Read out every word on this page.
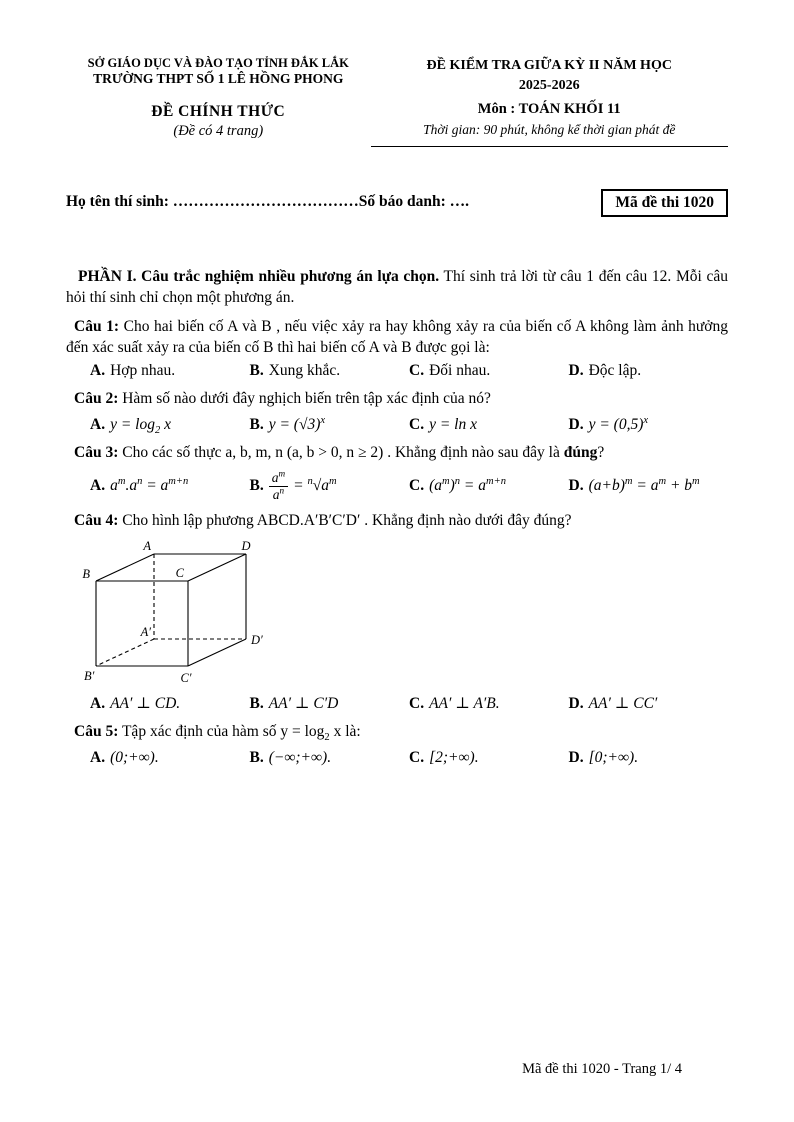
SỞ GIÁO DỤC VÀ ĐÀO TẠO TỈNH ĐẮK LẮK
TRƯỜNG THPT SỐ 1 LÊ HỒNG PHONG
ĐỀ CHÍNH THỨC
(Đề có 4 trang)
ĐỀ KIỂM TRA GIỮA KỲ II NĂM HỌC
2025-2026
Môn : TOÁN KHỐI 11
Thời gian: 90 phút, không kể thời gian phát đề
Họ tên thí sinh: ………………………………Số báo danh: ….	Mã đề thi 1020
PHẦN I. Câu trắc nghiệm nhiều phương án lựa chọn. Thí sinh trả lời từ câu 1 đến câu 12. Mỗi câu hỏi thí sinh chỉ chọn một phương án.
Câu 1: Cho hai biến cố A và B , nếu việc xảy ra hay không xảy ra của biến cố A không làm ảnh hưởng đến xác suất xảy ra của biến cố B thì hai biến cố A và B được gọi là:
A. Hợp nhau.	B. Xung khắc.	C. Đối nhau.	D. Độc lập.
Câu 2: Hàm số nào dưới đây nghịch biến trên tập xác định của nó?
A. $y = \log_2 x$	B. $y = (√3)^x$	C. y = ln x	D. $y = (0,5)^x$
Câu 3: Cho các số thực a, b, m, n (a, b > 0, n ≥ 2) . Khẳng định nào sau đây là đúng?
A. $a^m.a^n = a^{m+n}$	B. $\frac{a^m}{a^n} = ^n√a^m$	C. $(a^m)^n = a^{m+n}$	D. $(a+b)^m = a^m + b^m$
Câu 4: Cho hình lập phương ABCD.A′B′C′D′ . Khẳng định nào dưới đây đúng?
A	D
B	C
A′
D′
B′	C′
A. AA′ ⊥ CD.	B. AA′ ⊥ C′D	C. AA′ ⊥ A′B.	D. AA′ ⊥ CC′
Câu 5: Tập xác định của hàm số $y = \log_2 x$ là:
A. (0;+∞).	B. (−∞;+∞).	C. [2;+∞).	D. [0;+∞).
Mã đề thi 1020 - Trang 1/ 4
